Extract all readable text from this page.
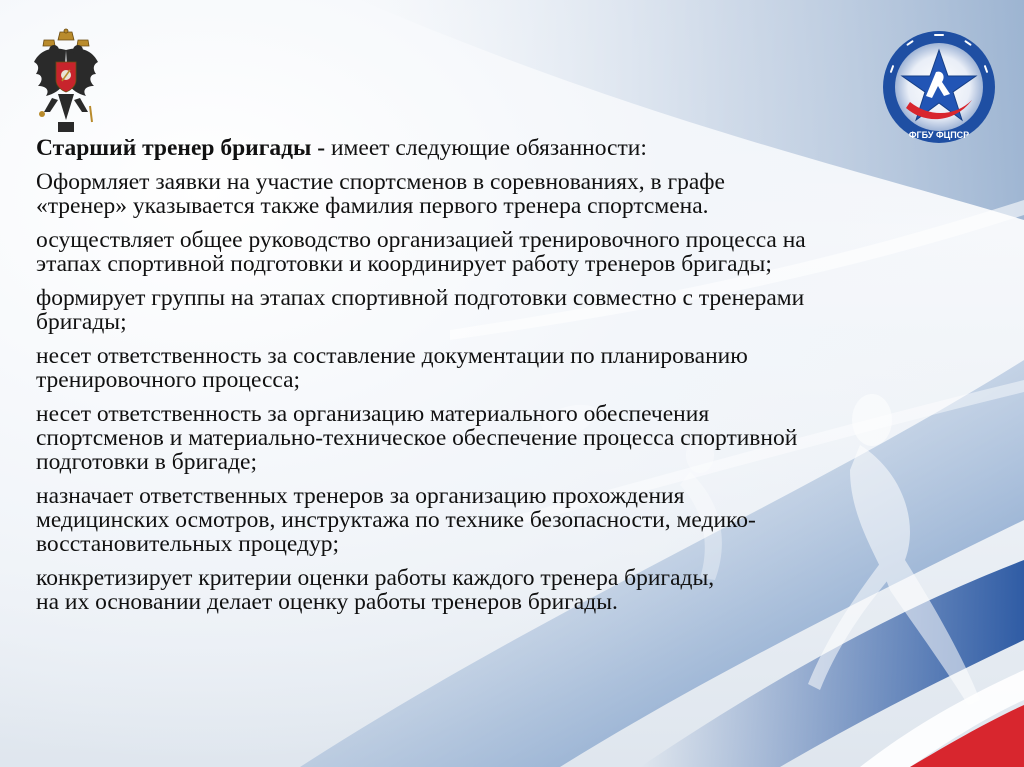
ФГБУ ФЦПСР

Старший тренер бригады - имеет следующие обязанности:

Оформляет заявки на участие спортсменов в соревнованиях, в графе
«тренер» указывается также фамилия первого тренера спортсмена.

осуществляет общее руководство организацией тренировочного процесса на
этапах спортивной подготовки и координирует работу тренеров бригады;

формирует группы на этапах спортивной подготовки совместно с тренерами
бригады;

несет ответственность за составление документации по планированию
тренировочного процесса;

несет ответственность за организацию материального обеспечения
спортсменов и материально-техническое обеспечение процесса спортивной
подготовки в бригаде;

назначает ответственных тренеров за организацию прохождения
медицинских осмотров, инструктажа по технике безопасности, медико-
восстановительных процедур;

конкретизирует критерии оценки работы каждого тренера бригады,
на их основании делает оценку работы тренеров бригады.
